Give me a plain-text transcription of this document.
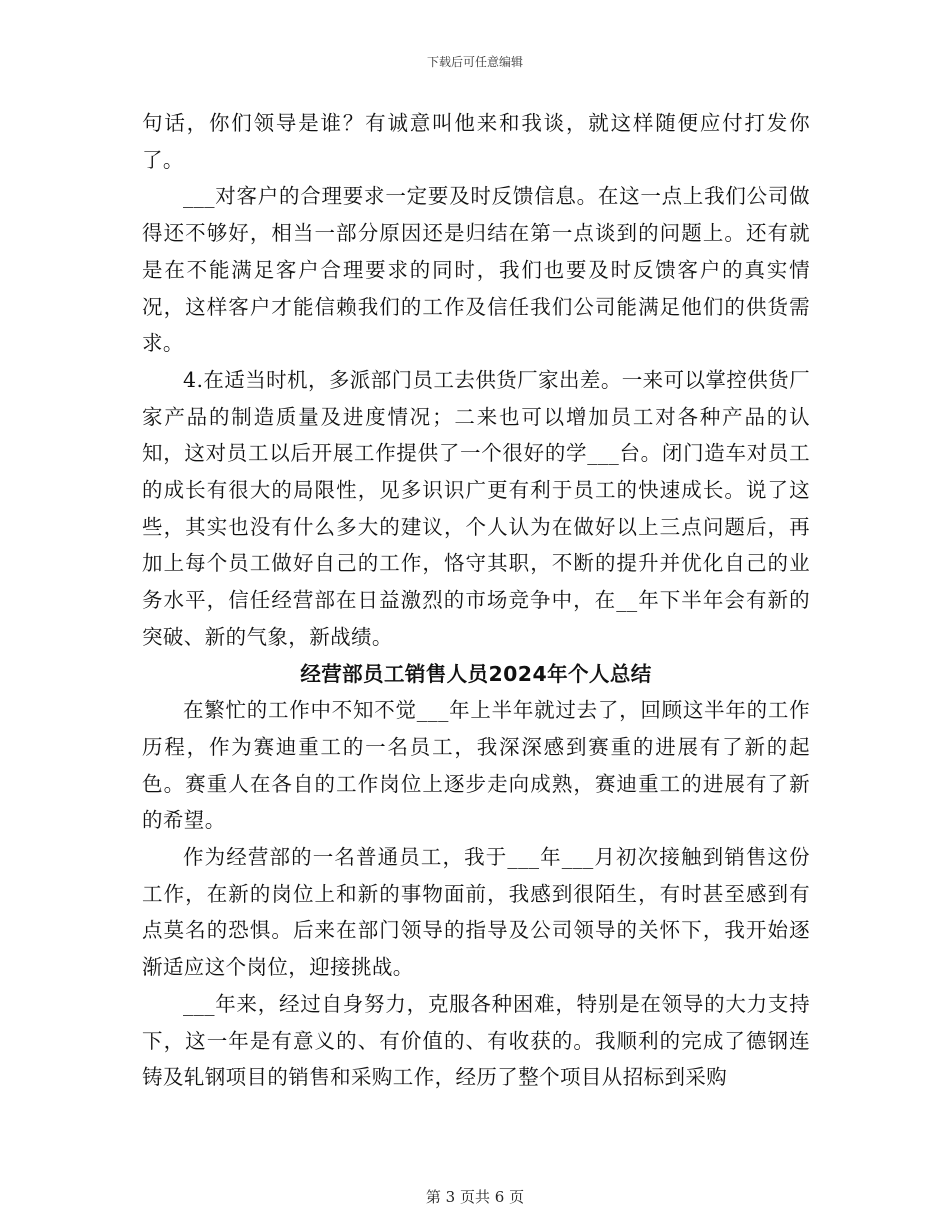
下载后可任意编辑

句话，你们领导是谁？有诚意叫他来和我谈，就这样随便应付打发你了。

___对客户的合理要求一定要及时反馈信息。在这一点上我们公司做得还不够好，相当一部分原因还是归结在第一点谈到的问题上。还有就是在不能满足客户合理要求的同时，我们也要及时反馈客户的真实情况，这样客户才能信赖我们的工作及信任我们公司能满足他们的供货需求。

4.在适当时机，多派部门员工去供货厂家出差。一来可以掌控供货厂家产品的制造质量及进度情况；二来也可以增加员工对各种产品的认知，这对员工以后开展工作提供了一个很好的学___台。闭门造车对员工的成长有很大的局限性，见多识识广更有利于员工的快速成长。说了这些，其实也没有什么多大的建议，个人认为在做好以上三点问题后，再加上每个员工做好自己的工作，恪守其职，不断的提升并优化自己的业务水平，信任经营部在日益激烈的市场竞争中，在__年下半年会有新的突破、新的气象，新战绩。

经营部员工销售人员2024年个人总结

在繁忙的工作中不知不觉___年上半年就过去了，回顾这半年的工作历程，作为赛迪重工的一名员工，我深深感到赛重的进展有了新的起色。赛重人在各自的工作岗位上逐步走向成熟，赛迪重工的进展有了新的希望。

作为经营部的一名普通员工，我于___年___月初次接触到销售这份工作，在新的岗位上和新的事物面前，我感到很陌生，有时甚至感到有点莫名的恐惧。后来在部门领导的指导及公司领导的关怀下，我开始逐渐适应这个岗位，迎接挑战。

___年来，经过自身努力，克服各种困难，特别是在领导的大力支持下，这一年是有意义的、有价值的、有收获的。我顺利的完成了德钢连铸及轧钢项目的销售和采购工作，经历了整个项目从招标到采购

第 3 页共 6 页
